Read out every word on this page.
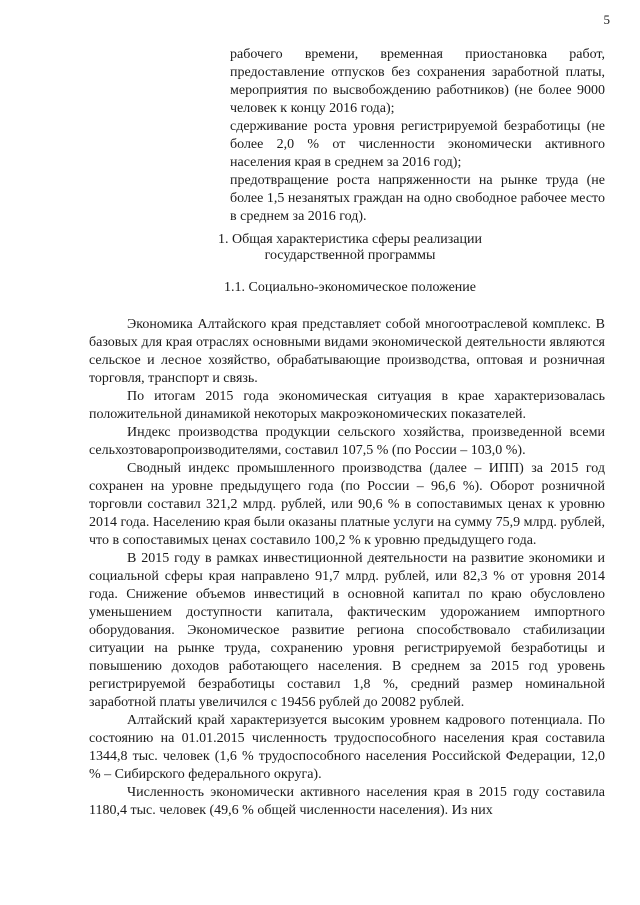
5

рабочего времени, временная приостановка работ, предоставление отпусков без сохранения заработной платы, мероприятия по высвобождению работников) (не более 9000 человек к концу 2016 года);

сдерживание роста уровня регистрируемой безработицы (не более 2,0 % от численности экономически активного населения края в среднем за 2016 год);

предотвращение роста напряженности на рынке труда (не более 1,5 незанятых граждан на одно свободное рабочее место в среднем за 2016 год).

1. Общая характеристика сферы реализации
государственной программы
1.1. Социально-экономическое положение

Экономика Алтайского края представляет собой многоотраслевой комплекс. В базовых для края отраслях основными видами экономической деятельности являются сельское и лесное хозяйство, обрабатывающие производства, оптовая и розничная торговля, транспорт и связь.

По итогам 2015 года экономическая ситуация в крае характеризовалась положительной динамикой некоторых макроэкономических показателей.

Индекс производства продукции сельского хозяйства, произведенной всеми сельхозтоваропроизводителями, составил 107,5 % (по России – 103,0 %).

Сводный индекс промышленного производства (далее – ИПП) за 2015 год сохранен на уровне предыдущего года (по России – 96,6 %). Оборот розничной торговли составил 321,2 млрд. рублей, или 90,6 % в сопоставимых ценах к уровню 2014 года. Населению края были оказаны платные услуги на сумму 75,9 млрд. рублей, что в сопоставимых ценах составило 100,2 % к уровню предыдущего года.

В 2015 году в рамках инвестиционной деятельности на развитие экономики и социальной сферы края направлено 91,7 млрд. рублей, или 82,3 % от уровня 2014 года. Снижение объемов инвестиций в основной капитал по краю обусловлено уменьшением доступности капитала, фактическим удорожанием импортного оборудования. Экономическое развитие региона способствовало стабилизации ситуации на рынке труда, сохранению уровня регистрируемой безработицы и повышению доходов работающего населения. В среднем за 2015 год уровень регистрируемой безработицы составил 1,8 %, средний размер номинальной заработной платы увеличился с 19456 рублей до 20082 рублей.

Алтайский край характеризуется высоким уровнем кадрового потенциала. По состоянию на 01.01.2015 численность трудоспособного населения края составила 1344,8 тыс. человек (1,6 % трудоспособного населения Российской Федерации, 12,0 % – Сибирского федерального округа).

Численность экономически активного населения края в 2015 году составила 1180,4 тыс. человек (49,6 % общей численности населения). Из них
